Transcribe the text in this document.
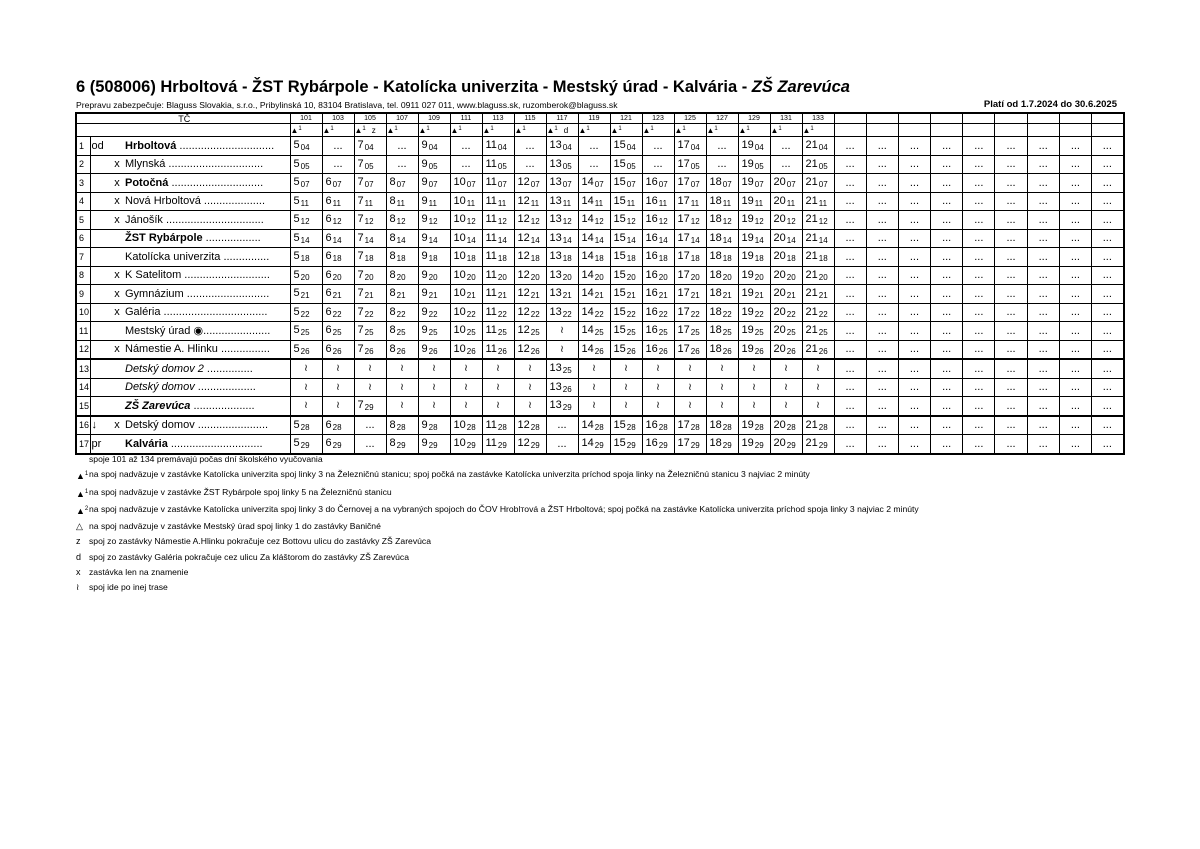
6 (508006) Hrboltová - ŽST Rybárpole - Katolícka univerzita - Mestský úrad - Kalvária - ZŠ Zarevúca
Prepravu zabezpečuje: Blaguss Slovakia, s.r.o., Pribylinská 10, 83104 Bratislava, tel. 0911 027 011, www.blaguss.sk, ruzomberok@blaguss.sk	Platí od 1.7.2024 do 30.6.2025
TČ				101	103	105	107	109	111	113	115	117	119	121	123	125	127	129	131	133									
				▲$^1$	▲$^1$	▲$^1$ z	▲$^1$	▲$^1$	▲$^1$	▲$^1$	▲$^1$	▲$^1$ d	▲$^1$	▲$^1$	▲$^1$	▲$^1$	▲$^1$	▲$^1$	▲$^1$	▲$^1$									
1	od		Hrboltová ...............................	$5_{04}$	...	$7_{04}$	...	$9_{04}$	...	$11_{04}$	...	$13_{04}$	...	$15_{04}$	...	$17_{04}$	...	$19_{04}$	...	$21_{04}$	...	...	...	...	...	...	...	...	...
2		x	Mlynská ...............................	$5_{05}$	...	$7_{05}$	...	$9_{05}$	...	$11_{05}$	...	$13_{05}$	...	$15_{05}$	...	$17_{05}$	...	$19_{05}$	...	$21_{05}$	...	...	...	...	...	...	...	...	...
3		x	Potočná ..............................	$5_{07}$	$6_{07}$	$7_{07}$	$8_{07}$	$9_{07}$	$10_{07}$	$11_{07}$	$12_{07}$	$13_{07}$	$14_{07}$	$15_{07}$	$16_{07}$	$17_{07}$	$18_{07}$	$19_{07}$	$20_{07}$	$21_{07}$	...	...	...	...	...	...	...	...	...
4		x	Nová Hrboltová ....................	$5_{11}$	$6_{11}$	$7_{11}$	$8_{11}$	$9_{11}$	$10_{11}$	$11_{11}$	$12_{11}$	$13_{11}$	$14_{11}$	$15_{11}$	$16_{11}$	$17_{11}$	$18_{11}$	$19_{11}$	$20_{11}$	$21_{11}$	...	...	...	...	...	...	...	...	...
5		x	Jánošík ................................	$5_{12}$	$6_{12}$	$7_{12}$	$8_{12}$	$9_{12}$	$10_{12}$	$11_{12}$	$12_{12}$	$13_{12}$	$14_{12}$	$15_{12}$	$16_{12}$	$17_{12}$	$18_{12}$	$19_{12}$	$20_{12}$	$21_{12}$	...	...	...	...	...	...	...	...	...
6			ŽST Rybárpole ..................	$5_{14}$	$6_{14}$	$7_{14}$	$8_{14}$	$9_{14}$	$10_{14}$	$11_{14}$	$12_{14}$	$13_{14}$	$14_{14}$	$15_{14}$	$16_{14}$	$17_{14}$	$18_{14}$	$19_{14}$	$20_{14}$	$21_{14}$	...	...	...	...	...	...	...	...	...
7			Katolícka univerzita ...............	$5_{18}$	$6_{18}$	$7_{18}$	$8_{18}$	$9_{18}$	$10_{18}$	$11_{18}$	$12_{18}$	$13_{18}$	$14_{18}$	$15_{18}$	$16_{18}$	$17_{18}$	$18_{18}$	$19_{18}$	$20_{18}$	$21_{18}$	...	...	...	...	...	...	...	...	...
8		x	K Satelitom ............................	$5_{20}$	$6_{20}$	$7_{20}$	$8_{20}$	$9_{20}$	$10_{20}$	$11_{20}$	$12_{20}$	$13_{20}$	$14_{20}$	$15_{20}$	$16_{20}$	$17_{20}$	$18_{20}$	$19_{20}$	$20_{20}$	$21_{20}$	...	...	...	...	...	...	...	...	...
9		x	Gymnázium ...........................	$5_{21}$	$6_{21}$	$7_{21}$	$8_{21}$	$9_{21}$	$10_{21}$	$11_{21}$	$12_{21}$	$13_{21}$	$14_{21}$	$15_{21}$	$16_{21}$	$17_{21}$	$18_{21}$	$19_{21}$	$20_{21}$	$21_{21}$	...	...	...	...	...	...	...	...	...
10		x	Galéria ..................................	$5_{22}$	$6_{22}$	$7_{22}$	$8_{22}$	$9_{22}$	$10_{22}$	$11_{22}$	$12_{22}$	$13_{22}$	$14_{22}$	$15_{22}$	$16_{22}$	$17_{22}$	$18_{22}$	$19_{22}$	$20_{22}$	$21_{22}$	...	...	...	...	...	...	...	...	...
11			Mestský úrad ◉......................	$5_{25}$	$6_{25}$	$7_{25}$	$8_{25}$	$9_{25}$	$10_{25}$	$11_{25}$	$12_{25}$	≀	$14_{25}$	$15_{25}$	$16_{25}$	$17_{25}$	$18_{25}$	$19_{25}$	$20_{25}$	$21_{25}$	...	...	...	...	...	...	...	...	...
12		x	Námestie A. Hlinku ................	$5_{26}$	$6_{26}$	$7_{26}$	$8_{26}$	$9_{26}$	$10_{26}$	$11_{26}$	$12_{26}$	≀	$14_{26}$	$15_{26}$	$16_{26}$	$17_{26}$	$18_{26}$	$19_{26}$	$20_{26}$	$21_{26}$	...	...	...	...	...	...	...	...	...
13			Detský domov 2 ...............	≀	≀	≀	≀	≀	≀	≀	≀	$13_{25}$	≀	≀	≀	≀	≀	≀	≀	≀	...	...	...	...	...	...	...	...	...
14			Detský domov ...................	≀	≀	≀	≀	≀	≀	≀	≀	$13_{26}$	≀	≀	≀	≀	≀	≀	≀	≀	...	...	...	...	...	...	...	...	...
15			ZŠ Zarevúca ....................	≀	≀	$7_{29}$	≀	≀	≀	≀	≀	$13_{29}$	≀	≀	≀	≀	≀	≀	≀	≀	...	...	...	...	...	...	...	...	...
16	↓	x	Detský domov .......................	$5_{28}$	$6_{28}$	...	$8_{28}$	$9_{28}$	$10_{28}$	$11_{28}$	$12_{28}$	...	$14_{28}$	$15_{28}$	$16_{28}$	$17_{28}$	$18_{28}$	$19_{28}$	$20_{28}$	$21_{28}$	...	...	...	...	...	...	...	...	...
17	pr		Kalvária ..............................	$5_{29}$	$6_{29}$	...	$8_{29}$	$9_{29}$	$10_{29}$	$11_{29}$	$12_{29}$	...	$14_{29}$	$15_{29}$	$16_{29}$	$17_{29}$	$18_{29}$	$19_{29}$	$20_{29}$	$21_{29}$	...	...	...	...	...	...	...	...	...
spoje 101 až 134 premávajú počas dní školského vyučovania
▲$^1$ na spoj nadväzuje v zastávke Katolícka univerzita spoj linky 3 na Železničnú stanicu; spoj počká na zastávke Katolícka univerzita príchod spoja linky na Železničnú stanicu 3 najviac 2 minúty
▲$^1$ na spoj nadväzuje v zastávke ŽST Rybárpole spoj linky 5 na Železničnú stanicu
▲$^2$ na spoj nadväzuje v zastávke Katolícka univerzita spoj linky 3 do Černovej a na vybraných spojoch do ČOV Hroblтová a ŽST Hrboltová; spoj počká na zastávke Katolícka univerzita príchod spoja linky 3 najviac 2 minúty
△ na spoj nadväzuje v zastávke Mestský úrad spoj linky 1 do zastávky Baničné
z spoj zo zastávky Námestie A.Hlinku pokračuje cez Bottovu ulicu do zastávky ZŠ Zarevúca
d spoj zo zastávky Galéria pokračuje cez ulicu Za kláštorom do zastávky ZŠ Zarevúca
x zastávka len na znamenie
≀	spoj ide po inej trase
